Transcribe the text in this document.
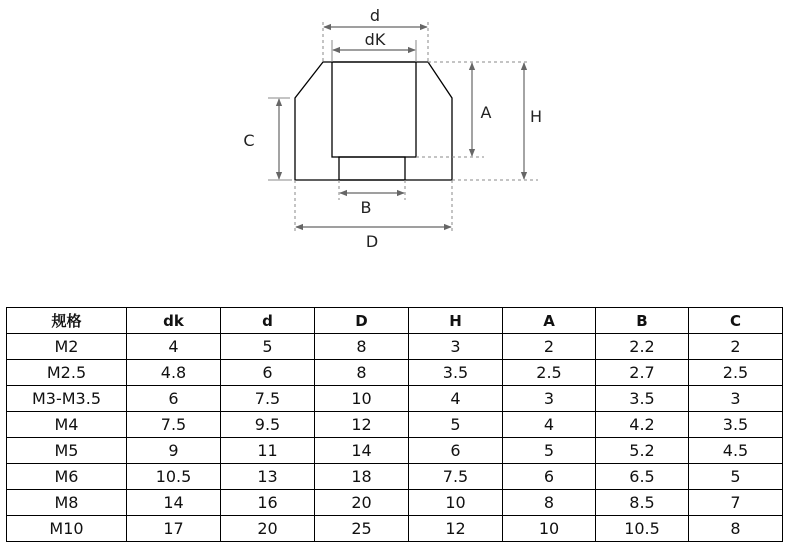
d
dK
A H
C
B
D
规格	dk	d	D	H	A	B	C
M2	4	5	8	3	2	2.2	2
M2.5	4.8	6	8	3.5	2.5	2.7	2.5
M3-M3.5	6	7.5	10	4	3	3.5	3
M4	7.5	9.5	12	5	4	4.2	3.5
M5	9	11	14	6	5	5.2	4.5
M6	10.5	13	18	7.5	6	6.5	5
M8	14	16	20	10	8	8.5	7
M10	17	20	25	12	10	10.5	8
